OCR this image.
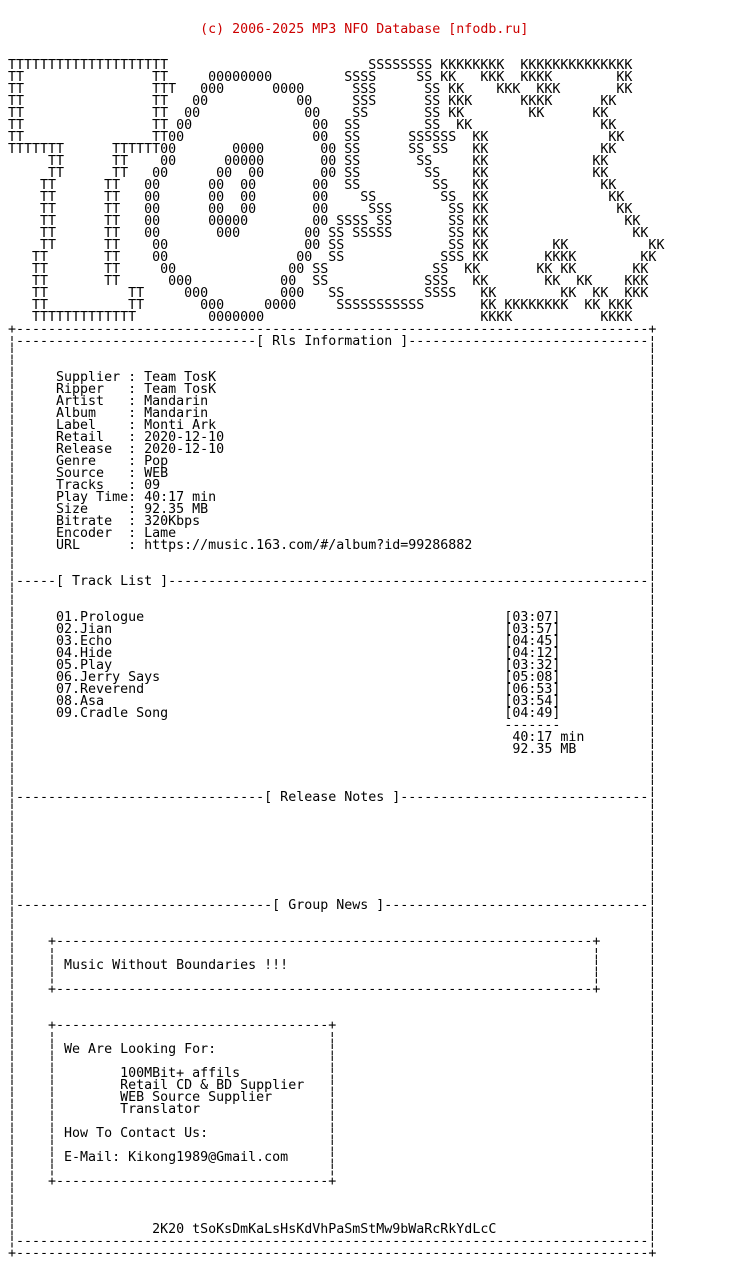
(c) 2006-2025 MP3 NFO Database [nfodb.ru]

TTTTTTTTTTTTTTTTTTTT                         SSSSSSSS KKKKKKKK  KKKKKKKKKKKKKK
TT                TT     00000000         SSSS     SS KK   KKK  KKKK        KK
TT                TTT   000      0000      SSS      SS KK    KKK  KKK       KK
TT                TT   00           00     SSS      SS KKK      KKKK      KK
TT                TT  00             00    SS       SS KK        KK      KK
TT                TT 00               00  SS        SS  KK                KK
TT                TT00                00  SS      SSSSSS  KK               KK
TTTTTTT      TTTTTT00       0000       00 SS      SS SS   KK              KK
TT      TT    00      00000       00 SS       SS     KK             KK
TT      TT   00      00  00       00 SS        SS    KK             KK
TT      TT   00      00  00       00  SS         SS   KK              KK
TT      TT   00      00  00       00    SS        SS  KK               KK
TT      TT   00      00  00       00     SSS       SS KK                KK
TT      TT   00      00000        00 SSSS SS       SS KK                 KK
TT      TT   00       000        00 SS SSSSS       SS KK                  KK
TT      TT    00                 00 SS             SS KK        KK          KK
TT       TT    00                00  SS            SSS KK       KKKK        KK
TT       TT     00              00 SS             SS  KK       KK KK       KK
TT       TT      000           00  SS            SSS   KK       KK  KK    KKK
TT          TT     000         000   SS          SSSS   KK        KK  KK  KKK
TT          TT       000     0000     SSSSSSSSSSS       KK KKKKKKKK  KK KKK
TTTTTTTTTTTTT         0000000                           KKKK           KKKK
+-------------------------------------------------------------------------------+
¦------------------------------[ Rls Information ]------------------------------¦
¦                                                                               ¦
¦                                                                               ¦
¦     Supplier : Team TosK                                                      ¦
¦     Ripper   : Team TosK                                                      ¦
¦     Artist   : Mandarin                                                       ¦
¦     Album    : Mandarin                                                       ¦
¦     Label    : Monti Ark                                                      ¦
¦     Retail   : 2020-12-10                                                     ¦
¦     Release  : 2020-12-10                                                     ¦
¦     Genre    : Pop                                                            ¦
¦     Source   : WEB                                                            ¦
¦     Tracks   : 09                                                             ¦
¦     Play Time: 40:17 min                                                      ¦
¦     Size     : 92.35 MB                                                       ¦
¦     Bitrate  : 320Kbps                                                        ¦
¦     Encoder  : Lame                                                           ¦
¦     URL      : https://music.163.com/#/album?id=99286882                      ¦
¦                                                                               ¦
¦                                                                               ¦
¦-----[ Track List ]------------------------------------------------------------¦
¦                                                                               ¦
¦                                                                               ¦
¦     01.Prologue                                             [03:07]           ¦
¦     02.Jian                                                 [03:57]           ¦
¦     03.Echo                                                 [04:45]           ¦
¦     04.Hide                                                 [04:12]           ¦
¦     05.Play                                                 [03:32]           ¦
¦     06.Jerry Says                                           [05:08]           ¦
¦     07.Reverend                                             [06:53]           ¦
¦     08.Asa                                                  [03:54]           ¦
¦     09.Cradle Song                                          [04:49]           ¦
¦                                                             -------           ¦
¦                                                              40:17 min        ¦
¦                                                              92.35 MB         ¦
¦                                                                               ¦
¦                                                                               ¦
¦                                                                               ¦
¦-------------------------------[ Release Notes ]-------------------------------¦
¦                                                                               ¦
¦                                                                               ¦
¦                                                                               ¦
¦                                                                               ¦
¦                                                                               ¦
¦                                                                               ¦
¦                                                                               ¦
¦                                                                               ¦
¦--------------------------------[ Group News ]---------------------------------¦
¦                                                                               ¦
¦                                                                               ¦
¦    +-------------------------------------------------------------------+      ¦
¦    ¦                                                                   ¦      ¦
¦    ¦ Music Without Boundaries !!!                                      ¦      ¦
¦    ¦                                                                   ¦      ¦
¦    +-------------------------------------------------------------------+      ¦
¦                                                                               ¦
¦                                                                               ¦
¦    +----------------------------------+                                       ¦
¦    ¦                                  ¦                                       ¦
¦    ¦ We Are Looking For:              ¦                                       ¦
¦    ¦                                  ¦                                       ¦
¦    ¦        100MBit+ affils           ¦                                       ¦
¦    ¦        Retail CD & BD Supplier   ¦                                       ¦
¦    ¦        WEB Source Supplier       ¦                                       ¦
¦    ¦        Translator                ¦                                       ¦
¦    ¦                                  ¦                                       ¦
¦    ¦ How To Contact Us:               ¦                                       ¦
¦    ¦                                  ¦                                       ¦
¦    ¦ E-Mail: Kikong1989@Gmail.com     ¦                                       ¦
¦    ¦                                  ¦                                       ¦
¦    +----------------------------------+                                       ¦
¦                                                                               ¦
¦                                                                               ¦
¦                                                                               ¦
¦                 2K20 tSoKsDmKaLsHsKdVhPaSmStMw9bWaRcRkYdLcC                   ¦
¦-------------------------------------------------------------------------------¦
+-------------------------------------------------------------------------------+
